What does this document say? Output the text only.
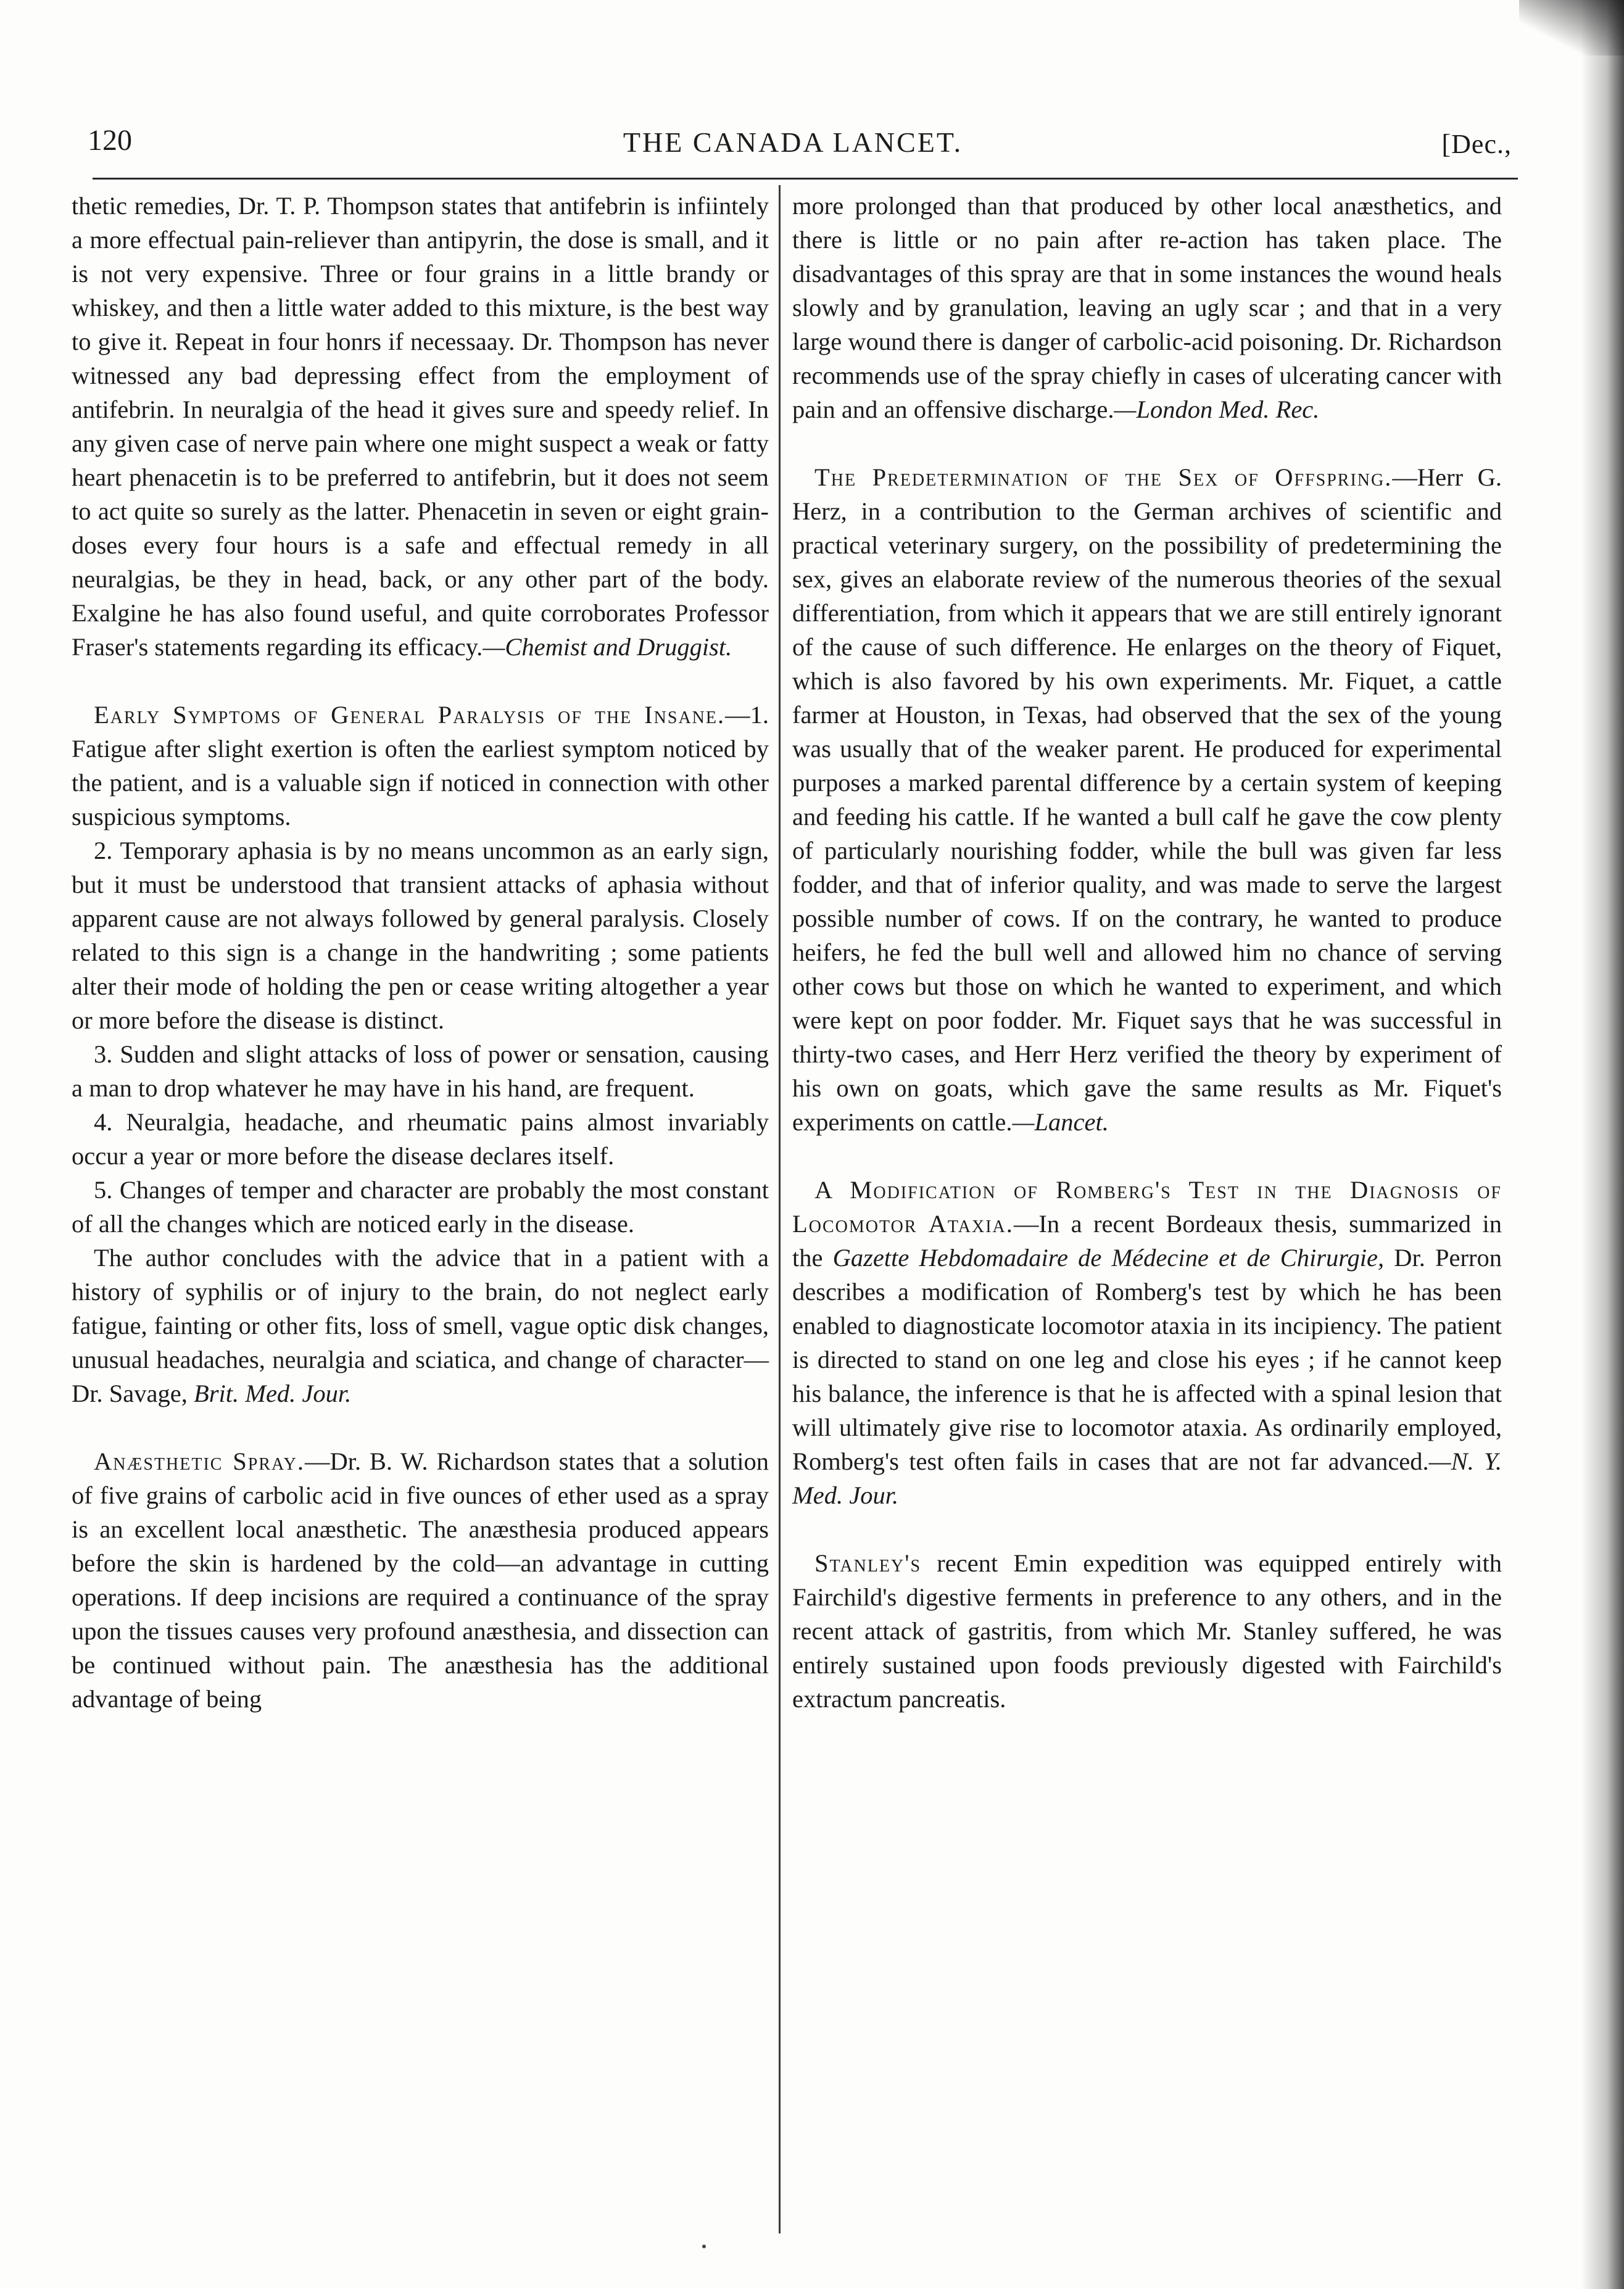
120	THE CANADA LANCET.	[Dec.,

thetic remedies, Dr. T. P. Thompson states that antifebrin is infiintely a more effectual pain-reliever than antipyrin, the dose is small, and it is not very expensive. Three or four grains in a little brandy or whiskey, and then a little water added to this mixture, is the best way to give it. Repeat in four honrs if necessaay. Dr. Thompson has never witnessed any bad depressing effect from the employment of antifebrin. In neuralgia of the head it gives sure and speedy relief. In any given case of nerve pain where one might suspect a weak or fatty heart phenacetin is to be preferred to antifebrin, but it does not seem to act quite so surely as the latter. Phenacetin in seven or eight grain-doses every four hours is a safe and effectual remedy in all neuralgias, be they in head, back, or any other part of the body. Exalgine he has also found useful, and quite corroborates Professor Fraser's statements regarding its efficacy.—Chemist and Druggist.

Early Symptoms of General Paralysis of the Insane.—1. Fatigue after slight exertion is often the earliest symptom noticed by the patient, and is a valuable sign if noticed in connection with other suspicious symptoms.

2. Temporary aphasia is by no means uncommon as an early sign, but it must be understood that transient attacks of aphasia without apparent cause are not always followed by general paralysis. Closely related to this sign is a change in the handwriting ; some patients alter their mode of holding the pen or cease writing altogether a year or more before the disease is distinct.

3. Sudden and slight attacks of loss of power or sensation, causing a man to drop whatever he may have in his hand, are frequent.

4. Neuralgia, headache, and rheumatic pains almost invariably occur a year or more before the disease declares itself.

5. Changes of temper and character are probably the most constant of all the changes which are noticed early in the disease.

The author concludes with the advice that in a patient with a history of syphilis or of injury to the brain, do not neglect early fatigue, fainting or other fits, loss of smell, vague optic disk changes, unusual headaches, neuralgia and sciatica, and change of character—Dr. Savage, Brit. Med. Jour.

Anæsthetic Spray.—Dr. B. W. Richardson states that a solution of five grains of carbolic acid in five ounces of ether used as a spray is an excellent local anæsthetic. The anæsthesia produced appears before the skin is hardened by the cold—an advantage in cutting operations. If deep incisions are required a continuance of the spray upon the tissues causes very profound anæsthesia, and dissection can be continued without pain. The anæsthesia has the additional advantage of being

more prolonged than that produced by other local anæsthetics, and there is little or no pain after re-action has taken place. The disadvantages of this spray are that in some instances the wound heals slowly and by granulation, leaving an ugly scar ; and that in a very large wound there is danger of carbolic-acid poisoning. Dr. Richardson recommends use of the spray chiefly in cases of ulcerating cancer with pain and an offensive discharge.—London Med. Rec.

The Predetermination of the Sex of Offspring.—Herr G. Herz, in a contribution to the German archives of scientific and practical veterinary surgery, on the possibility of predetermining the sex, gives an elaborate review of the numerous theories of the sexual differentiation, from which it appears that we are still entirely ignorant of the cause of such difference. He enlarges on the theory of Fiquet, which is also favored by his own experiments. Mr. Fiquet, a cattle farmer at Houston, in Texas, had observed that the sex of the young was usually that of the weaker parent. He produced for experimental purposes a marked parental difference by a certain system of keeping and feeding his cattle. If he wanted a bull calf he gave the cow plenty of particularly nourishing fodder, while the bull was given far less fodder, and that of inferior quality, and was made to serve the largest possible number of cows. If on the contrary, he wanted to produce heifers, he fed the bull well and allowed him no chance of serving other cows but those on which he wanted to experiment, and which were kept on poor fodder. Mr. Fiquet says that he was successful in thirty-two cases, and Herr Herz verified the theory by experiment of his own on goats, which gave the same results as Mr. Fiquet's experiments on cattle.—Lancet.

A Modification of Romberg's Test in the Diagnosis of Locomotor Ataxia.—In a recent Bordeaux thesis, summarized in the Gazette Hebdomadaire de Médecine et de Chirurgie, Dr. Perron describes a modification of Romberg's test by which he has been enabled to diagnosticate locomotor ataxia in its incipiency. The patient is directed to stand on one leg and close his eyes ; if he cannot keep his balance, the inference is that he is affected with a spinal lesion that will ultimately give rise to locomotor ataxia. As ordinarily employed, Romberg's test often fails in cases that are not far advanced.—N. Y. Med. Jour.

Stanley's recent Emin expedition was equipped entirely with Fairchild's digestive ferments in preference to any others, and in the recent attack of gastritis, from which Mr. Stanley suffered, he was entirely sustained upon foods previously digested with Fairchild's extractum pancreatis.
